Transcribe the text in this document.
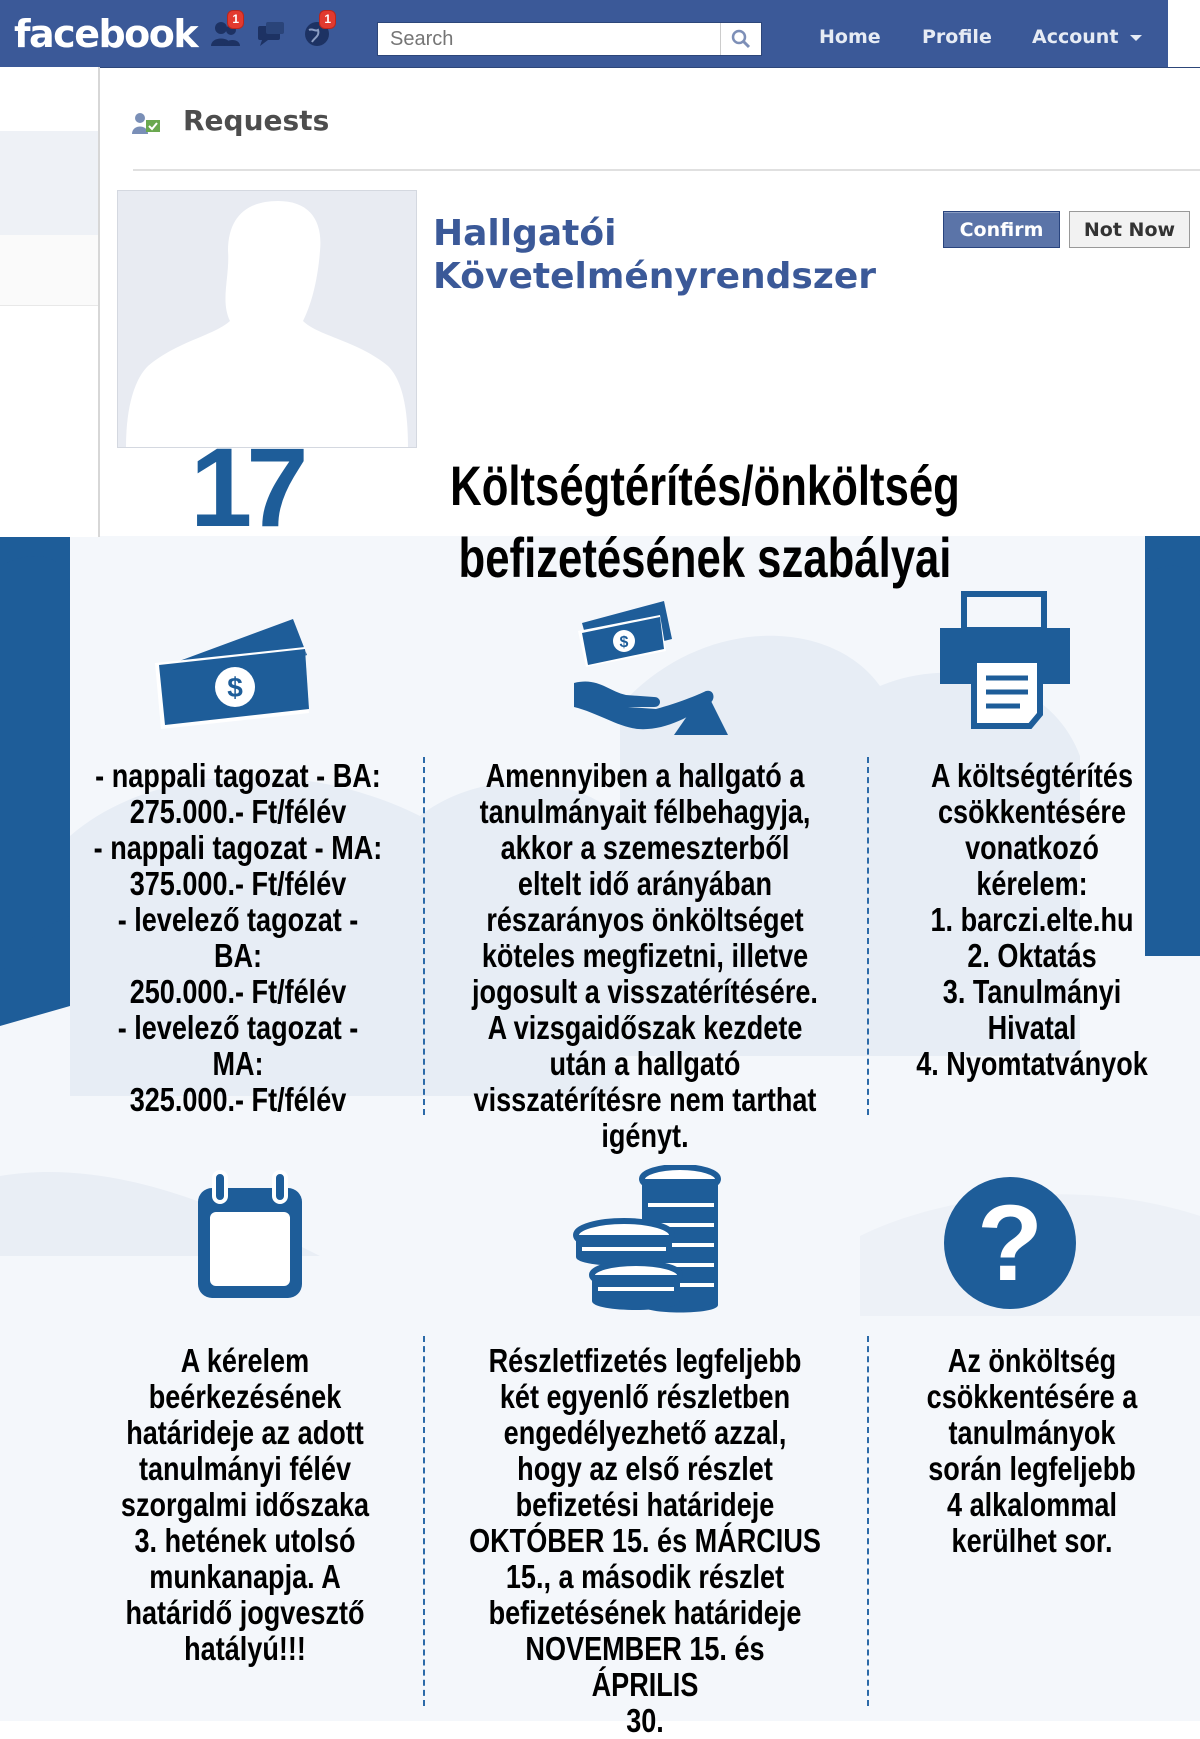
facebook	1	1
Search
Home Profile Account
Requests
Hallgatói
Követelményrendszer
Confirm	Not Now
17	Költségtérítés/önköltség befizetésének szabályai
$
$
?
- nappali tagozat - BA:
275.000.- Ft/félév
- nappali tagozat - MA:
375.000.- Ft/félév
- levelező tagozat - BA:
250.000.- Ft/félév
- levelező tagozat - MA:
325.000.- Ft/félév
Amennyiben a hallgató a
tanulmányait félbehagyja,
akkor a szemeszterből
eltelt idő arányában
részarányos önköltséget
köteles megfizetni, illetve
jogosult a visszatérítésére.
A vizsgaidőszak kezdete
után a hallgató
visszatérítésre nem tarthat
igényt.
A költségtérítés
csökkentésére
vonatkozó
kérelem:
1. barczi.elte.hu
2. Oktatás
3. Tanulmányi
Hivatal
4. Nyomtatványok
A kérelem
beérkezésének
határideje az adott
tanulmányi félév
szorgalmi időszaka
3. hetének utolsó
munkanapja. A
határidő jogvesztő
hatályú!!!
Részletfizetés legfeljebb
két egyenlő részletben
engedélyezhető azzal,
hogy az első részlet
befizetési határideje
OKTÓBER 15. és MÁRCIUS
15., a második részlet
befizetésének határideje
NOVEMBER 15. és ÁPRILIS
30.
Az önköltség
csökkentésére a
tanulmányok
során legfeljebb
4 alkalommal
kerülhet sor.
